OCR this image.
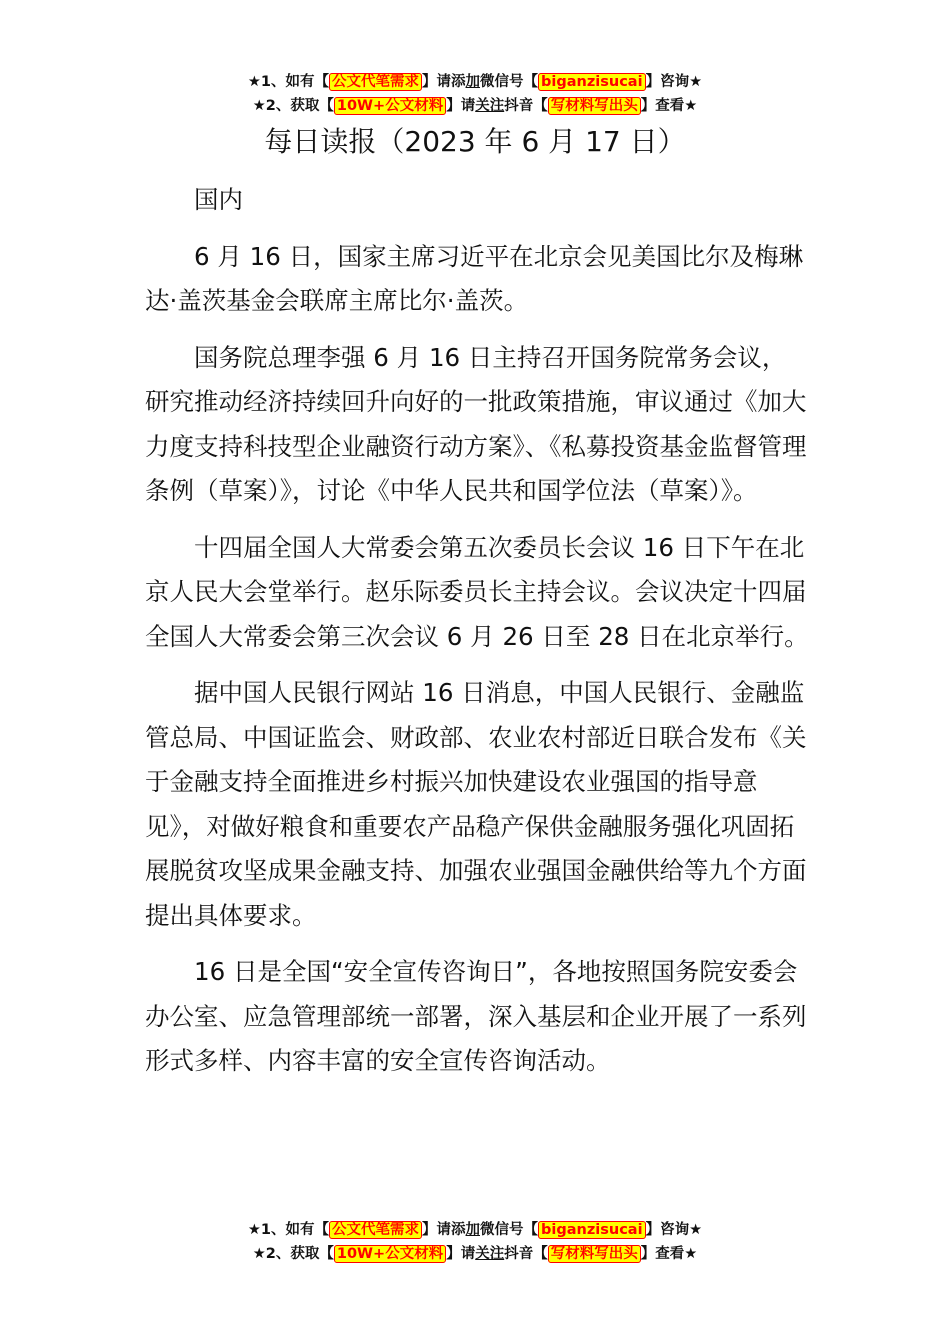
★1、如有【 公文代笔需求 】请添加微信号【 biganzisucai 】咨询★
★2、获取【 10W+公文材料 】请关注抖音【 写材料写出头 】查看★
每日读报（2023 年 6 月 17 日）

国内

6 月 16 日，国家主席习近平在北京会见美国比尔及梅琳达·盖茨基金会联席主席比尔·盖茨。

国务院总理李强 6 月 16 日主持召开国务院常务会议，研究推动经济持续回升向好的一批政策措施，审议通过《加大力度支持科技型企业融资行动方案》、《私募投资基金监督管理条例（草案）》，讨论《中华人民共和国学位法（草案）》。

十四届全国人大常委会第五次委员长会议 16 日下午在北京人民大会堂举行。赵乐际委员长主持会议。会议决定十四届全国人大常委会第三次会议 6 月 26 日至 28 日在北京举行。

据中国人民银行网站 16 日消息，中国人民银行、金融监管总局、中国证监会、财政部、农业农村部近日联合发布《关于金融支持全面推进乡村振兴加快建设农业强国的指导意见》，对做好粮食和重要农产品稳产保供金融服务强化巩固拓展脱贫攻坚成果金融支持、加强农业强国金融供给等九个方面提出具体要求。

16 日是全国“安全宣传咨询日”，各地按照国务院安委会办公室、应急管理部统一部署，深入基层和企业开展了一系列形式多样、内容丰富的安全宣传咨询活动。

★1、如有【 公文代笔需求 】请添加微信号【 biganzisucai 】咨询★
★2、获取【 10W+公文材料 】请关注抖音【 写材料写出头 】查看★
